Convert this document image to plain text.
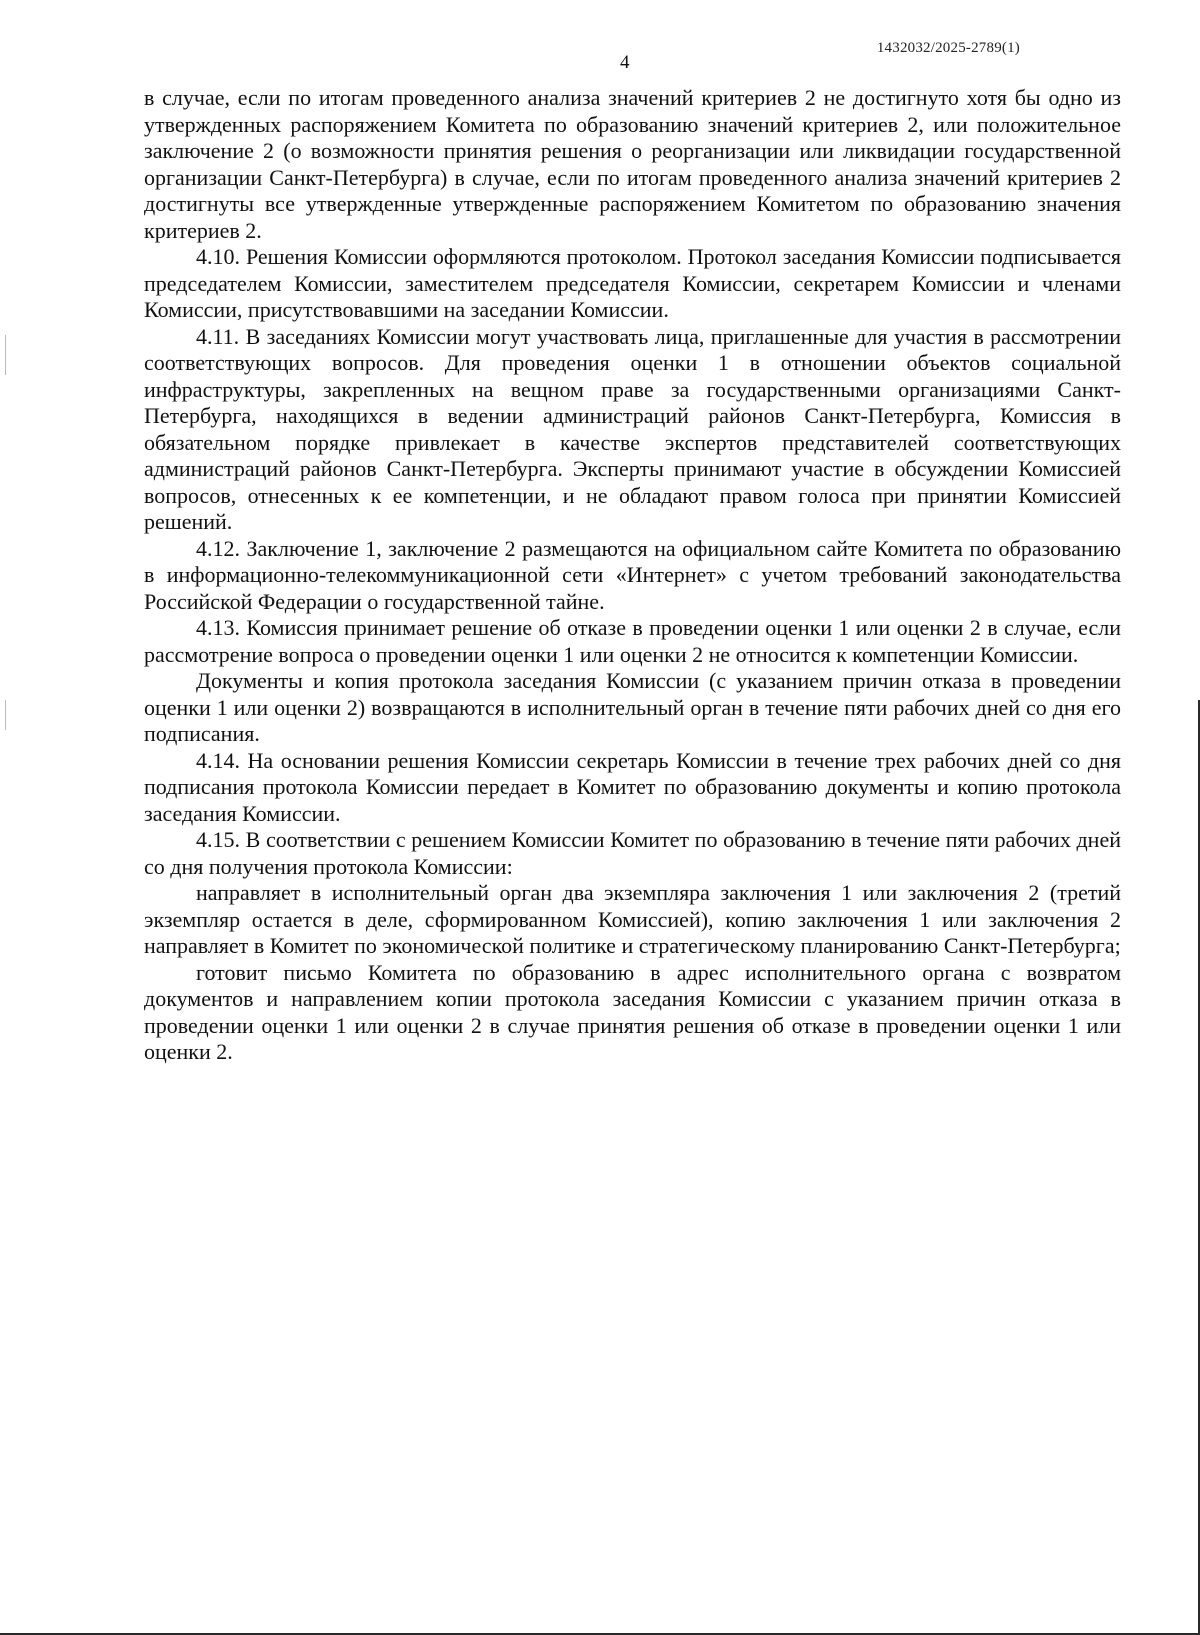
1432032/2025-2789(1)
4

в случае, если по итогам проведенного анализа значений критериев 2 не достигнуто хотя бы одно из утвержденных распоряжением Комитета по образованию значений критериев 2, или положительное заключение 2 (о возможности принятия решения о реорганизации или ликвидации государственной организации Санкт-Петербурга) в случае, если по итогам проведенного анализа значений критериев 2 достигнуты все утвержденные утвержденные распоряжением Комитетом по образованию значения критериев 2.

4.10. Решения Комиссии оформляются протоколом. Протокол заседания Комиссии подписывается председателем Комиссии, заместителем председателя Комиссии, секретарем Комиссии и членами Комиссии, присутствовавшими на заседании Комиссии.

4.11. В заседаниях Комиссии могут участвовать лица, приглашенные для участия в рассмотрении соответствующих вопросов. Для проведения оценки 1 в отношении объектов социальной инфраструктуры, закрепленных на вещном праве за государственными организациями Санкт-Петербурга, находящихся в ведении администраций районов Санкт-Петербурга, Комиссия в обязательном порядке привлекает в качестве экспертов представителей соответствующих администраций районов Санкт-Петербурга. Эксперты принимают участие в обсуждении Комиссией вопросов, отнесенных к ее компетенции, и не обладают правом голоса при принятии Комиссией решений.

4.12. Заключение 1, заключение 2 размещаются на официальном сайте Комитета по образованию в информационно-телекоммуникационной сети «Интернет» с учетом требований законодательства Российской Федерации о государственной тайне.

4.13. Комиссия принимает решение об отказе в проведении оценки 1 или оценки 2 в случае, если рассмотрение вопроса о проведении оценки 1 или оценки 2 не относится к компетенции Комиссии.

Документы и копия протокола заседания Комиссии (с указанием причин отказа в проведении оценки 1 или оценки 2) возвращаются в исполнительный орган в течение пяти рабочих дней со дня его подписания.

4.14. На основании решения Комиссии секретарь Комиссии в течение трех рабочих дней со дня подписания протокола Комиссии передает в Комитет по образованию документы и копию протокола заседания Комиссии.

4.15. В соответствии с решением Комиссии Комитет по образованию в течение пяти рабочих дней со дня получения протокола Комиссии:

направляет в исполнительный орган два экземпляра заключения 1 или заключения 2 (третий экземпляр остается в деле, сформированном Комиссией), копию заключения 1 или заключения 2 направляет в Комитет по экономической политике и стратегическому планированию Санкт-Петербурга;

готовит письмо Комитета по образованию в адрес исполнительного органа с возвратом документов и направлением копии протокола заседания Комиссии с указанием причин отказа в проведении оценки 1 или оценки 2 в случае принятия решения об отказе в проведении оценки 1 или оценки 2.
